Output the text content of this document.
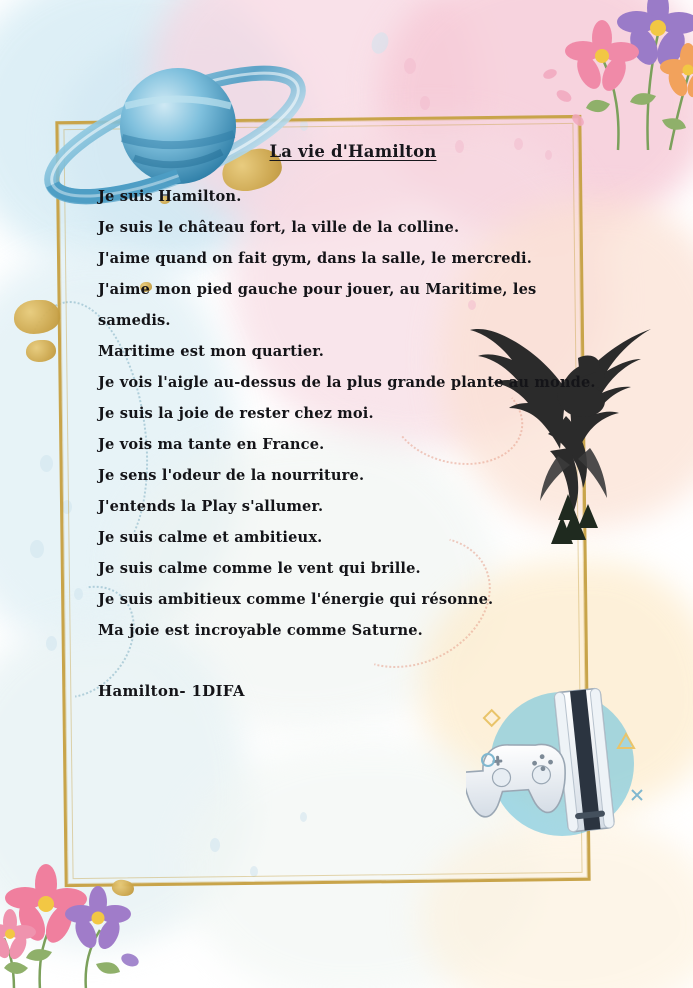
La vie d'Hamilton
Je suis Hamilton.
Je suis le château fort, la ville de la colline.
J'aime quand on fait gym, dans la salle, le mercredi.
J'aime mon pied gauche pour jouer, au Maritime, les samedis.
Maritime est mon quartier.
Je vois l'aigle au-dessus de la plus grande plante au monde.
Je suis la joie de rester chez moi.
Je vois ma tante en France.
Je sens l'odeur de la nourriture.
J'entends la Play s'allumer.
Je suis calme et ambitieux.
Je suis calme comme le vent qui brille.
Je suis ambitieux comme l'énergie qui résonne.
Ma joie est incroyable comme Saturne.
Hamilton- 1DIFA
